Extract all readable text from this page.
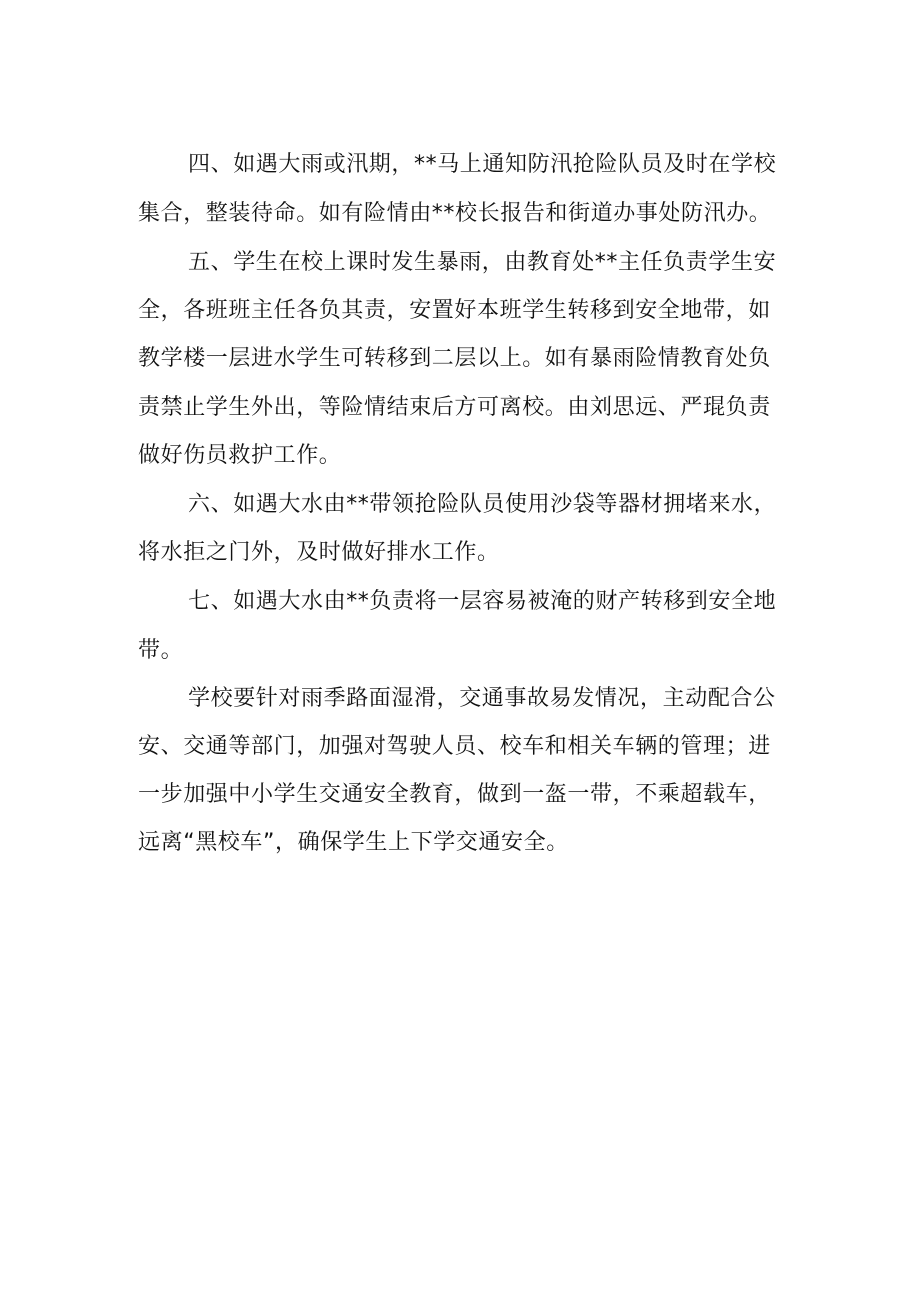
四、如遇大雨或汛期，**马上通知防汛抢险队员及时在学校
集合，整装待命。如有险情由**校长报告和街道办事处防汛办。
五、学生在校上课时发生暴雨，由教育处**主任负责学生安
全，各班班主任各负其责，安置好本班学生转移到安全地带，如
教学楼一层进水学生可转移到二层以上。如有暴雨险情教育处负
责禁止学生外出，等险情结束后方可离校。由刘思远、严琨负责
做好伤员救护工作。
六、如遇大水由**带领抢险队员使用沙袋等器材拥堵来水，
将水拒之门外，及时做好排水工作。
七、如遇大水由**负责将一层容易被淹的财产转移到安全地
带。
学校要针对雨季路面湿滑，交通事故易发情况，主动配合公
安、交通等部门，加强对驾驶人员、校车和相关车辆的管理；进
一步加强中小学生交通安全教育，做到一盔一带，不乘超载车，
远离“黑校车”，确保学生上下学交通安全。
